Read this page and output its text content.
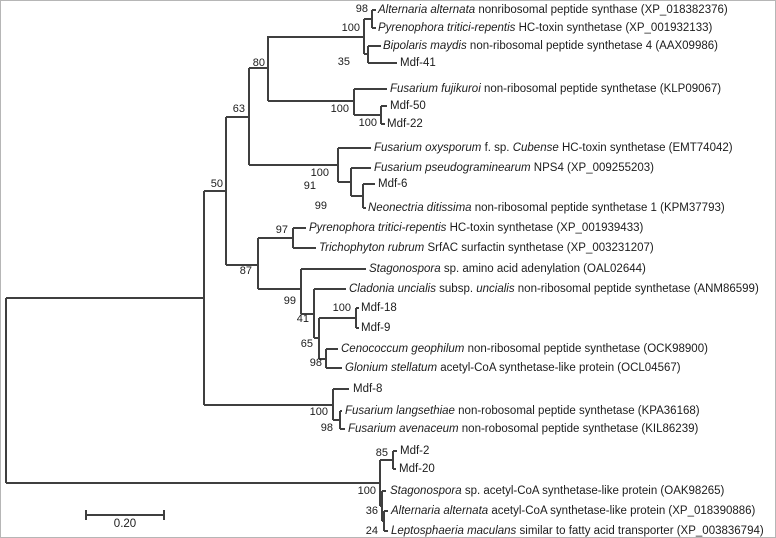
Alternaria alternata nonribosomal peptide synthase (XP_018382376)
Pyrenophora tritici-repentis HC-toxin synthetase (XP_001932133)
Bipolaris maydis non-ribosomal peptide synthetase 4 (AAX09986)
Mdf-41
Fusarium fujikuroi non-ribosomal peptide synthetase (KLP09067)
Mdf-50
Mdf-22
Fusarium oxysporum f. sp. Cubense HC-toxin synthetase (EMT74042)
Fusarium pseudograminearum NPS4 (XP_009255203)
Mdf-6
Neonectria ditissima non-ribosomal peptide synthetase 1 (KPM37793)
Pyrenophora tritici-repentis HC-toxin synthetase (XP_001939433)
Trichophyton rubrum SrfAC surfactin synthetase (XP_003231207)
Stagonospora sp. amino acid adenylation (OAL02644)
Cladonia uncialis subsp. uncialis non-ribosomal peptide synthetase (ANM86599)
Mdf-18
Mdf-9
Cenococcum geophilum non-ribosomal peptide synthetase (OCK98900)
Glonium stellatum acetyl-CoA synthetase-like protein (OCL04567)
Mdf-8
Fusarium langsethiae non-robosomal peptide synthetase (KPA36168)
Fusarium avenaceum non-robosomal peptide synthetase (KIL86239)
Mdf-2
Mdf-20
Stagonospora sp. acetyl-CoA synthetase-like protein (OAK98265)
Alternaria alternata acetyl-CoA synthetase-like protein (XP_018390886)
Leptosphaeria maculans similar to fatty acid transporter (XP_003836794)
98
100
35
80
100
100
63
100
91
99
50
97
87
99
41
100
65
98
100
98
85
100
36
24
0.20
